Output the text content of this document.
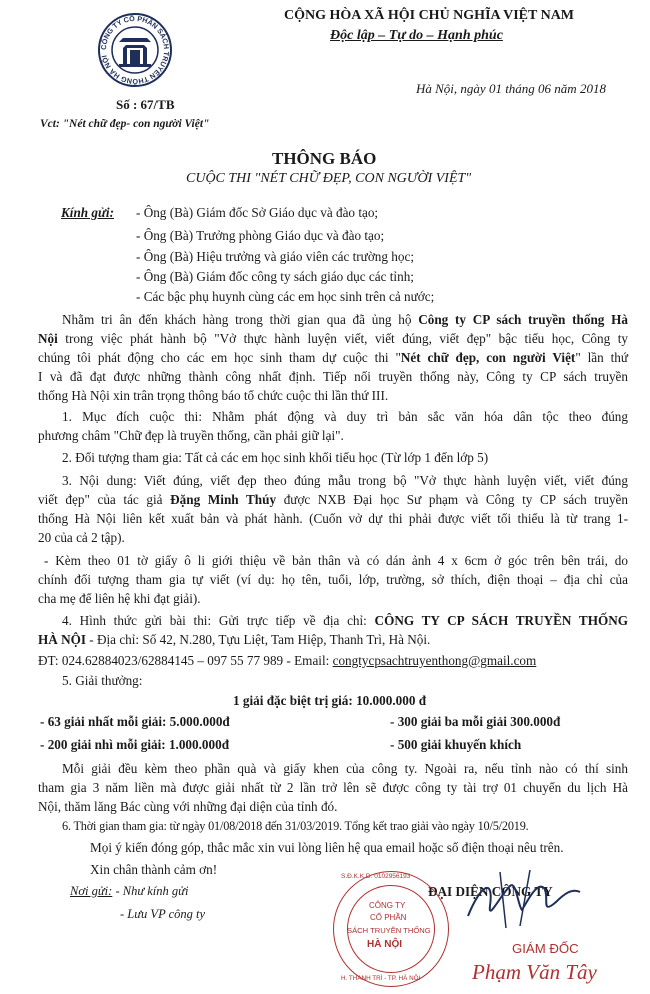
CÔNG TY CỔ PHẦN SÁCH TRUYỀN THỐNG HÀ NỘI
Số : 67/TB
CỘNG HÒA XÃ HỘI CHỦ NGHĨA VIỆT NAM
Độc lập – Tự do – Hạnh phúc
Hà Nội, ngày 01 tháng 06 năm 2018
Vct: "Nét chữ đẹp- con người Việt"
THÔNG BÁO
CUỘC THI "NÉT CHỮ ĐẸP, CON NGƯỜI VIỆT"
Kính gửi: - Ông (Bà) Giám đốc Sở Giáo dục và đào tạo;
- Ông (Bà) Trưởng phòng Giáo dục và đào tạo;
- Ông (Bà) Hiệu trưởng và giáo viên các trường học;
- Ông (Bà) Giám đốc công ty sách giáo dục các tỉnh;
- Các bậc phụ huynh cùng các em học sinh trên cả nước;
Nhằm tri ân đến khách hàng trong thời gian qua đã ủng hộ Công ty CP sách truyền thống Hà
Nội trong việc phát hành bộ "Vở thực hành luyện viết, viết đúng, viết đẹp" bậc tiểu học, Công ty
chúng tôi phát động cho các em học sinh tham dự cuộc thi "Nét chữ đẹp, con người Việt" lần thứ
I và đã đạt được những thành công nhất định. Tiếp nối truyền thống này, Công ty CP sách truyền
thống Hà Nội xin trân trọng thông báo tổ chức cuộc thi lần thứ III.
1. Mục đích cuộc thi: Nhằm phát động và duy trì bản sắc văn hóa dân tộc theo đúng
phương châm "Chữ đẹp là truyền thống, cần phải giữ lại".
2. Đối tượng tham gia: Tất cả các em học sinh khối tiểu học (Từ lớp 1 đến lớp 5)
3. Nội dung: Viết đúng, viết đẹp theo đúng mẫu trong bộ "Vở thực hành luyện viết, viết đúng
viết đẹp" của tác giả Đặng Minh Thúy được NXB Đại học Sư phạm và Công ty CP sách truyền
thống Hà Nội liên kết xuất bản và phát hành. (Cuốn vở dự thi phải được viết tối thiểu là từ trang 1-
20 của cả 2 tập).
- Kèm theo 01 tờ giấy ô li giới thiệu về bản thân và có dán ảnh 4 x 6cm ở góc trên bên trái, do
chính đối tượng tham gia tự viết (ví dụ: họ tên, tuổi, lớp, trường, sở thích, điện thoại – địa chỉ của
cha mẹ để liên hệ khi đạt giải).
4. Hình thức gửi bài thi: Gửi trực tiếp về địa chỉ: CÔNG TY CP SÁCH TRUYỀN THỐNG
HÀ NỘI - Địa chỉ: Số 42, N.280, Tựu Liệt, Tam Hiệp, Thanh Trì, Hà Nội.
ĐT: 024.62884023/62884145 – 097 55 77 989 - Email: congtycpsachtruyenthong@gmail.com
5. Giải thưởng:
1 giải đặc biệt trị giá: 10.000.000 đ
- 63 giải nhất mỗi giải: 5.000.000đ	- 300 giải ba mỗi giải 300.000đ
- 200 giải nhì mỗi giải: 1.000.000đ	- 500 giải khuyến khích
Mỗi giải đều kèm theo phần quà và giấy khen của công ty. Ngoài ra, nếu tỉnh nào có thí sinh
tham gia 3 năm liền mà được giải nhất từ 2 lần trở lên sẽ được công ty tài trợ 01 chuyến du lịch Hà
Nội, thăm lăng Bác cùng với những đại diện của tỉnh đó.
6. Thời gian tham gia: từ ngày 01/08/2018 đến 31/03/2019. Tổng kết trao giải vào ngày 10/5/2019.
Mọi ý kiến đóng góp, thắc mắc xin vui lòng liên hệ qua email hoặc số điện thoại nêu trên.
Xin chân thành cảm ơn!
Nơi gửi: - Như kính gửi
- Lưu VP công ty
ĐẠI DIỆN CÔNG TY
S.Đ.K.K.D: 0102956193
CÔNG TY
CỔ PHẦN
SÁCH TRUYỀN THỐNG
HÀ NỘI
H. THANH TRÌ - TP. HÀ NỘI
GIÁM ĐỐC
Phạm Văn Tây
